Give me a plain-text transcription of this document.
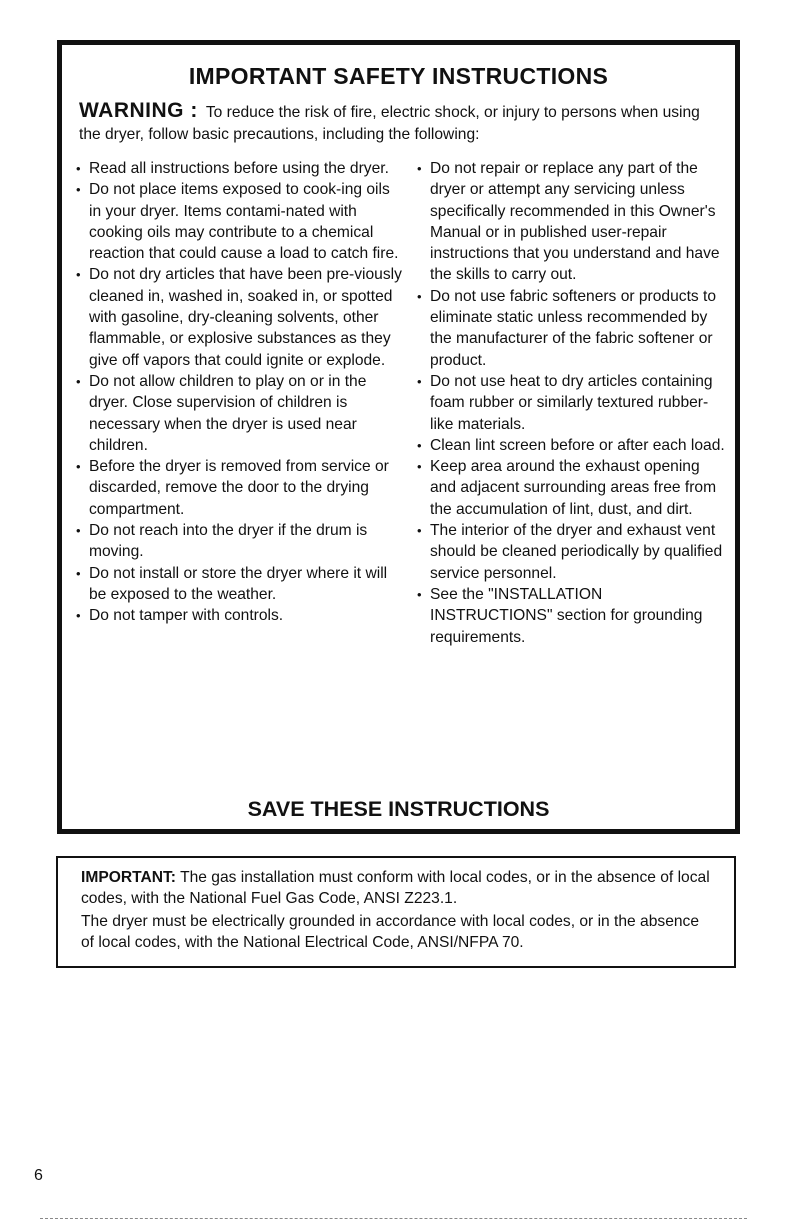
IMPORTANT SAFETY INSTRUCTIONS
WARNING : To reduce the risk of fire, electric shock, or injury to persons when using the dryer, follow basic precautions, including the following:
• Read all instructions before using the dryer.
• Do not place items exposed to cook-ing oils in your dryer. Items contami-nated with cooking oils may contribute to a chemical reaction that could cause a load to catch fire.
• Do not dry articles that have been pre-viously cleaned in, washed in, soaked in, or spotted with gasoline, dry-cleaning solvents, other flammable, or explosive substances as they give off vapors that could ignite or explode.
• Do not allow children to play on or in the dryer. Close supervision of children is necessary when the dryer is used near children.
• Before the dryer is removed from service or discarded, remove the door to the drying compartment.
• Do not reach into the dryer if the drum is moving.
• Do not install or store the dryer where it will be exposed to the weather.
• Do not tamper with controls.
• Do not repair or replace any part of the dryer or attempt any servicing unless specifically recommended in this Owner's Manual or in published user-repair instructions that you understand and have the skills to carry out.
• Do not use fabric softeners or products to eliminate static unless recommended by the manufacturer of the fabric softener or product.
• Do not use heat to dry articles containing foam rubber or similarly textured rubber-like materials.
• Clean lint screen before or after each load.
• Keep area around the exhaust opening and adjacent surrounding areas free from the accumulation of lint, dust, and dirt.
• The interior of the dryer and exhaust vent should be cleaned periodically by qualified service personnel.
• See the "INSTALLATION INSTRUCTIONS" section for grounding requirements.
SAVE THESE INSTRUCTIONS
IMPORTANT: The gas installation must conform with local codes, or in the absence of local codes, with the National Fuel Gas Code, ANSI Z223.1.
The dryer must be electrically grounded in accordance with local codes, or in the absence of local codes, with the National Electrical Code, ANSI/NFPA 70.
6
